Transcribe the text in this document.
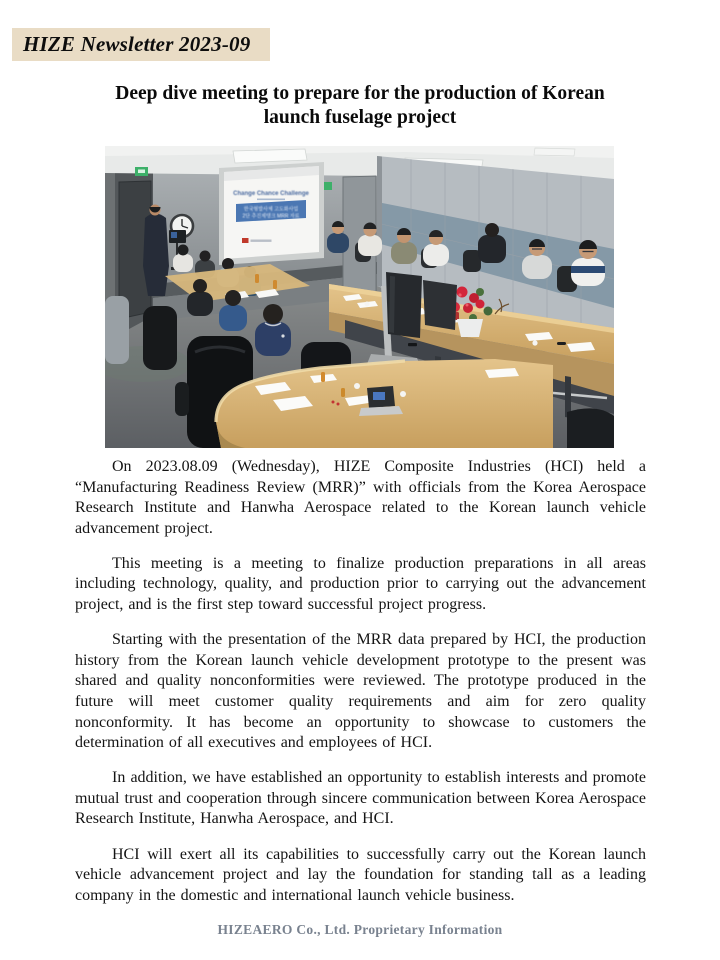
HIZE Newsletter 2023-09
Deep dive meeting to prepare for the production of Korean
launch fuselage project
Change Chance Challenge
한국형발사체 고도화사업
2단 추진제탱크 MRR 자료

On 2023.08.09 (Wednesday), HIZE Composite Industries (HCI) held a “Manufacturing Readiness Review (MRR)” with officials from the Korea Aerospace Research Institute and Hanwha Aerospace related to the Korean launch vehicle advancement project.

This meeting is a meeting to finalize production preparations in all areas including technology, quality, and production prior to carrying out the advancement project, and is the first step toward successful project progress.

Starting with the presentation of the MRR data prepared by HCI, the production history from the Korean launch vehicle development prototype to the present was shared and quality nonconformities were reviewed. The prototype produced in the future will meet customer quality requirements and aim for zero quality nonconformity. It has become an opportunity to showcase to customers the determination of all executives and employees of HCI.

In addition, we have established an opportunity to establish interests and promote mutual trust and cooperation through sincere communication between Korea Aerospace Research Institute, Hanwha Aerospace, and HCI.

HCI will exert all its capabilities to successfully carry out the Korean launch vehicle advancement project and lay the foundation for standing tall as a leading company in the domestic and international launch vehicle business.

HIZEAERO Co., Ltd. Proprietary Information
